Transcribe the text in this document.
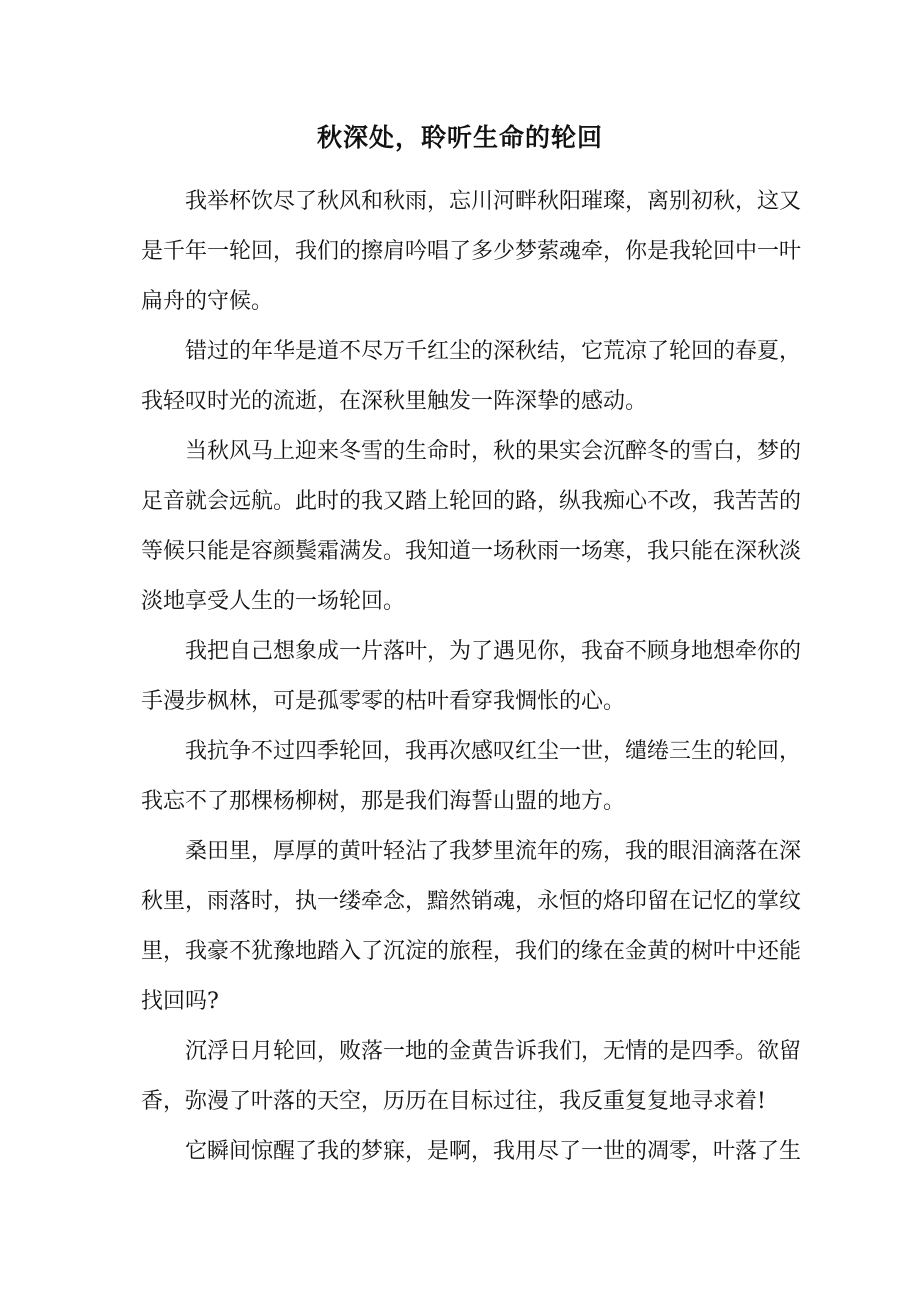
秋深处，聆听生命的轮回
我举杯饮尽了秋风和秋雨，忘川河畔秋阳璀璨，离别初秋，这又
是千年一轮回，我们的擦肩吟唱了多少梦萦魂牵，你是我轮回中一叶
扁舟的守候。
错过的年华是道不尽万千红尘的深秋结，它荒凉了轮回的春夏，
我轻叹时光的流逝，在深秋里触发一阵深挚的感动。
当秋风马上迎来冬雪的生命时，秋的果实会沉醉冬的雪白，梦的
足音就会远航。此时的我又踏上轮回的路，纵我痴心不改，我苦苦的
等候只能是容颜鬓霜满发。我知道一场秋雨一场寒，我只能在深秋淡
淡地享受人生的一场轮回。
我把自己想象成一片落叶，为了遇见你，我奋不顾身地想牵你的
手漫步枫林，可是孤零零的枯叶看穿我惆怅的心。
我抗争不过四季轮回，我再次感叹红尘一世，缱绻三生的轮回，
我忘不了那棵杨柳树，那是我们海誓山盟的地方。
桑田里，厚厚的黄叶轻沾了我梦里流年的殇，我的眼泪滴落在深
秋里，雨落时，执一缕牵念，黯然销魂，永恒的烙印留在记忆的掌纹
里，我豪不犹豫地踏入了沉淀的旅程，我们的缘在金黄的树叶中还能
找回吗?
沉浮日月轮回，败落一地的金黄告诉我们，无情的是四季。欲留
香，弥漫了叶落的天空，历历在目标过往，我反重复复地寻求着!
它瞬间惊醒了我的梦寐，是啊，我用尽了一世的凋零，叶落了生
